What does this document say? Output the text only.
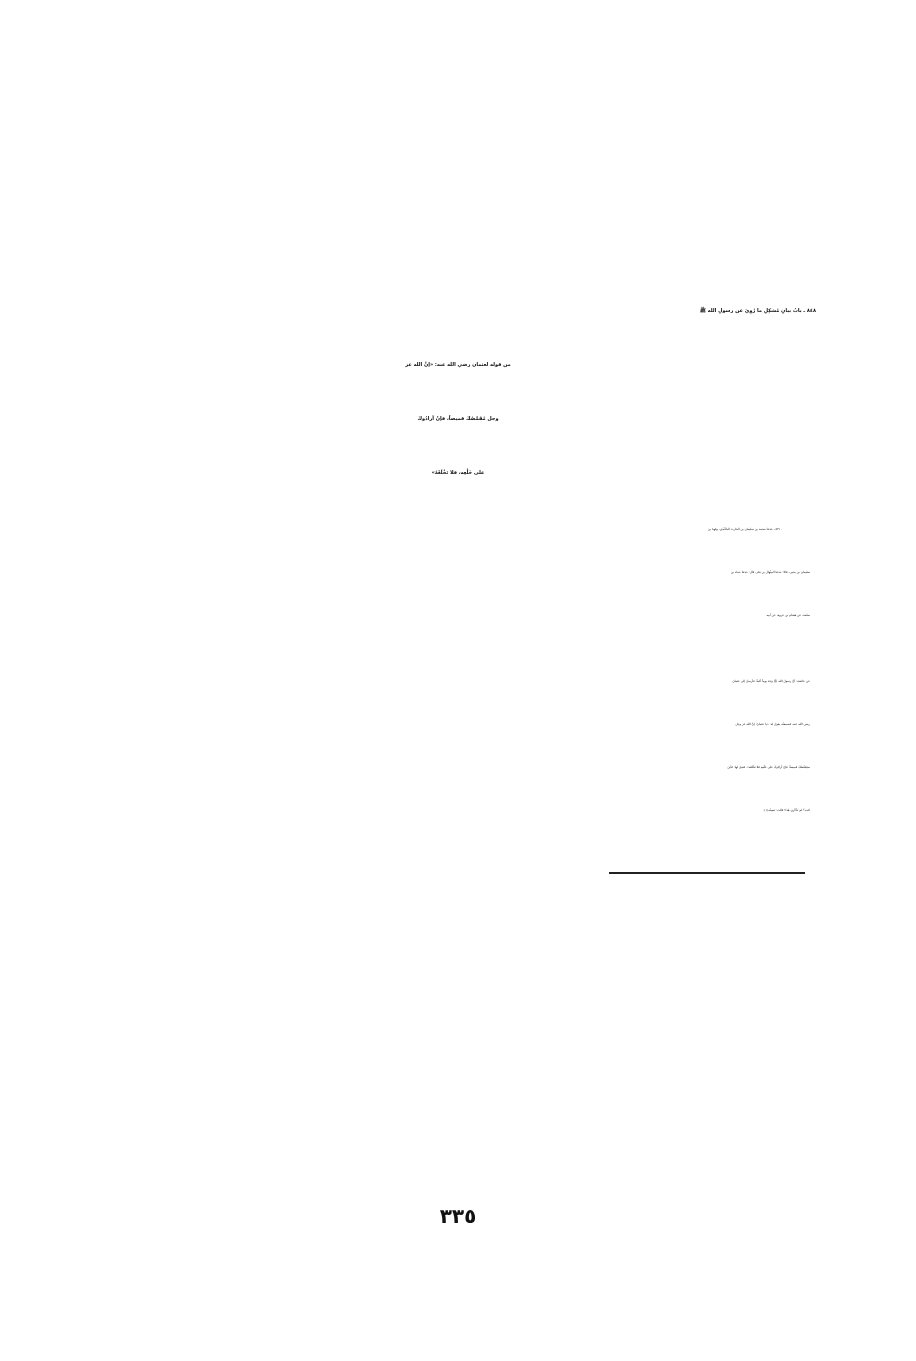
٨٤٨ ـ بابُ بيانِ مُشكِلِ ما رُوِيَ عن رسولِ الله ﷺ
من قوله لعثمان رضي الله عنه: «إنَّ الله عز
وجل مُقَمِّصُكَ قميصاً، فإنْ أرادُوكَ
على خَلْعِه، فلا تَخْلَعْهُ»
٥٣١٠ ـ حدثنا محمد بن سليمان بن الحارث الباغَنْدِي، وفهدُ بن
سليمان بن يحيى، قالا: حدثنا المِنْهال بن بَحْر، قال: حدثنا حماد بن
سلمة، عن هشام بن عروة، عن أبيه
عن عائشة: أنَّ رسولَ الله ﷺ وَجَدَ يوماً ألماً، فأرسلَ إلى عثمانَ
رضي الله عنه، فسمعتُه يقول له: «يا عثمانُ: إنَّ الله عز وجل
سيُقَمِّصُكَ قميصاً، فإنْ أرادُوكَ على خَلْعِهِ فلا تَخْلَعْه». فقيل لها: فأينَ
كنتِ؟ لم تَذْكُرِي هٰذا! قالت: نَسِيتُه(١).
٣٣٥
